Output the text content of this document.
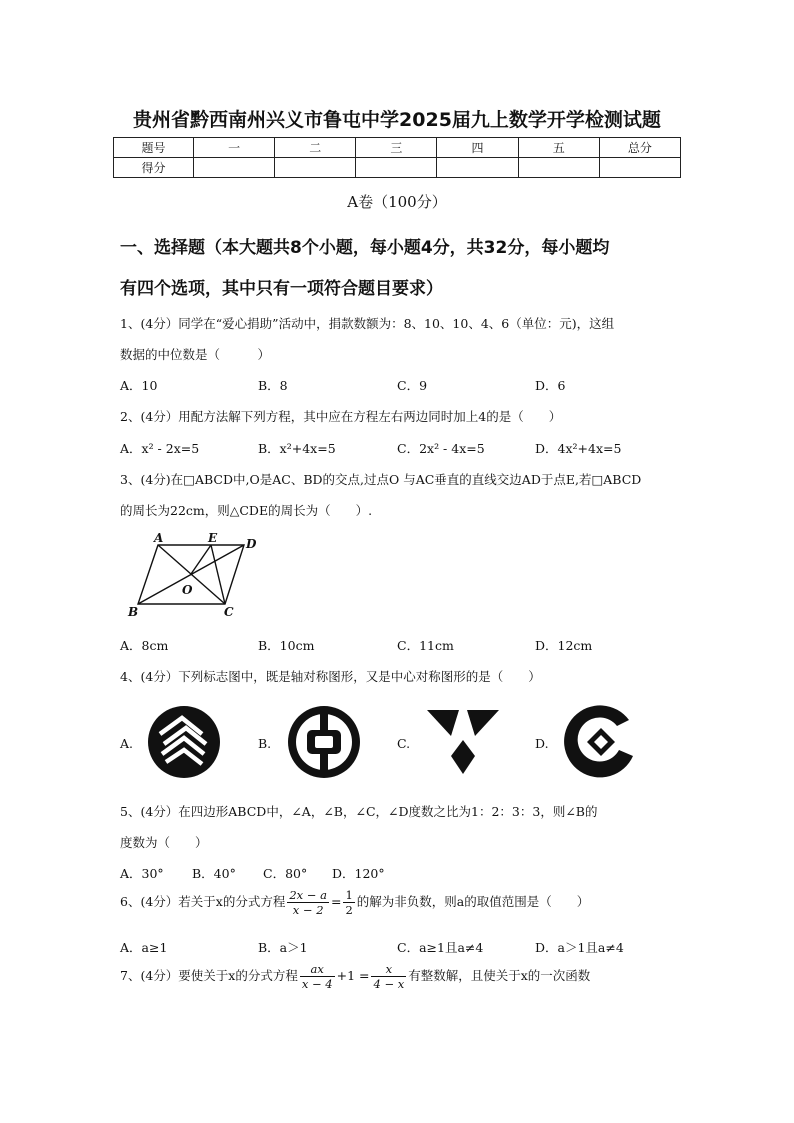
贵州省黔西南州兴义市鲁屯中学2025届九上数学开学检测试题
题号	一	二	三	四	五	总分
得分						
A卷（100分）
一、选择题（本大题共8个小题，每小题4分，共32分，每小题均
有四个选项，其中只有一项符合题目要求）
1、(4分）同学在“爱心捐助”活动中，捐款数额为：8、10、10、4、6（单位：元)，这组
数据的中位数是（　　　）
A．10	B．8	C．9	D．6
2、(4分）用配方法解下列方程，其中应在方程左右两边同时加上4的是（　　）
A．x² - 2x=5	B．x²+4x=5	C．2x² - 4x=5	D．4x²+4x=5
3、(4分)在□ABCD中,O是AC、BD的交点,过点O 与AC垂直的直线交边AD于点E,若□ABCD
的周长为22cm，则△CDE的周长为（　　）.
A	E D
O
B	C
A．8cm	B．10cm	C．11cm	D．12cm
4、(4分）下列标志图中，既是轴对称图形，又是中心对称图形的是（　　）
A.	B.	C.	D.
5、(4分）在四边形ABCD中，∠A，∠B，∠C，∠D度数之比为1：2：3：3，则∠B的
度数为（　　）
A．30° B．40° C．80° D．120°
6、(4分）若关于x的分式方程 $\frac{2x - a}{x - 2} = \frac{1}{2}$ 的解为非负数，则a的取值范围是（　　）
A．a≥1	B．a＞1	C．a≥1且a≠4	D．a＞1且a≠4
7、(4分）要使关于x的分式方程 $\frac{ax}{x - 4} +1 = \frac{x}{4 - x}$ 有整数解，且使关于x的一次函数
